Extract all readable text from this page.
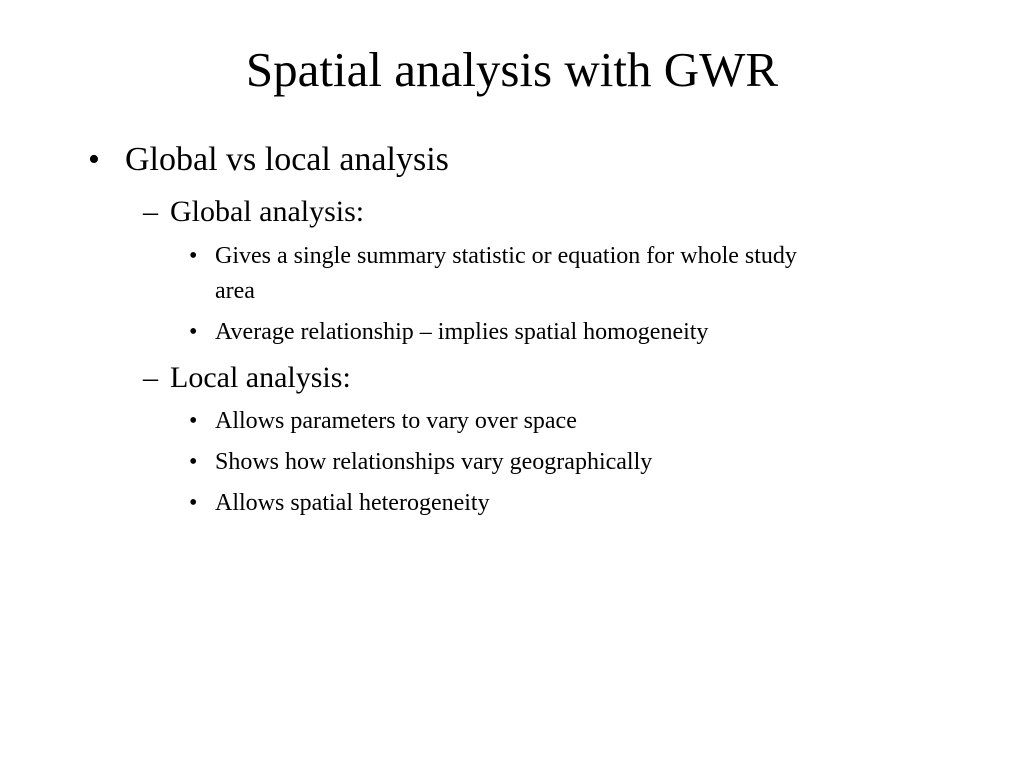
Spatial analysis with GWR
• Global vs local analysis
– Global analysis:
• Gives a single summary statistic or equation for whole study
area
• Average relationship – implies spatial homogeneity
– Local analysis:
• Allows parameters to vary over space
• Shows how relationships vary geographically
• Allows spatial heterogeneity
